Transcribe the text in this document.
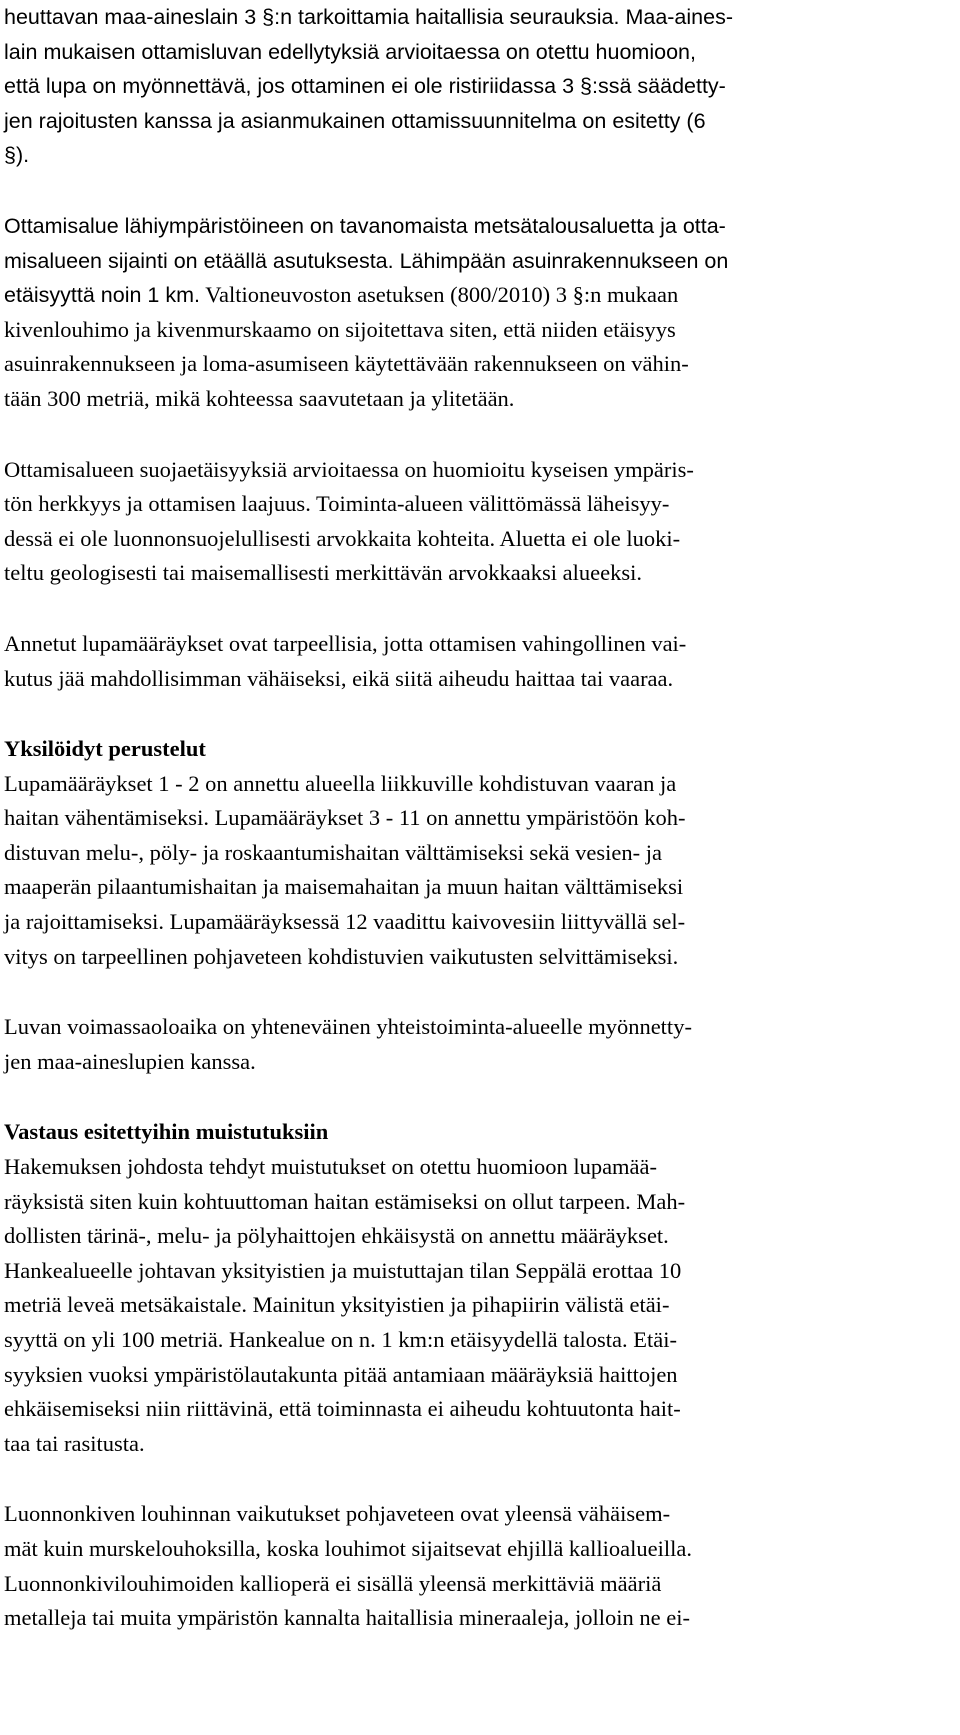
heuttavan maa-aineslain 3 §:n tarkoittamia haitallisia seurauksia. Maa-aines-
lain mukaisen ottamisluvan edellytyksiä arvioitaessa on otettu huomioon,
että lupa on myönnettävä, jos ottaminen ei ole ristiriidassa 3 §:ssä säädetty-
jen rajoitusten kanssa ja asianmukainen ottamissuunnitelma on esitetty (6
§).
Ottamisalue lähiympäristöineen on tavanomaista metsätalousaluetta ja otta-
misalueen sijainti on etäällä asutuksesta. Lähimpään asuinrakennukseen on
etäisyyttä noin 1 km. Valtioneuvoston asetuksen (800/2010) 3 §:n mukaan
kivenlouhimo ja kivenmurskaamo on sijoitettava siten, että niiden etäisyys
asuinrakennukseen ja loma-asumiseen käytettävään rakennukseen on vähin-
tään 300 metriä, mikä kohteessa saavutetaan ja ylitetään.
Ottamisalueen suojaetäisyyksiä arvioitaessa on huomioitu kyseisen ympäris-
tön herkkyys ja ottamisen laajuus. Toiminta-alueen välittömässä läheisyy-
dessä ei ole luonnonsuojelullisesti arvokkaita kohteita. Aluetta ei ole luoki-
teltu geologisesti tai maisemallisesti merkittävän arvokkaaksi alueeksi.
Annetut lupamääräykset ovat tarpeellisia, jotta ottamisen vahingollinen vai-
kutus jää mahdollisimman vähäiseksi, eikä siitä aiheudu haittaa tai vaaraa.
Yksilöidyt perustelut
Lupamääräykset 1 - 2 on annettu alueella liikkuville kohdistuvan vaaran ja
haitan vähentämiseksi. Lupamääräykset 3 - 11 on annettu ympäristöön koh-
distuvan melu-, pöly- ja roskaantumishaitan välttämiseksi sekä vesien- ja
maaperän pilaantumishaitan ja maisemahaitan ja muun haitan välttämiseksi
ja rajoittamiseksi. Lupamääräyksessä 12 vaadittu kaivovesiin liittyvällä sel-
vitys on tarpeellinen pohjaveteen kohdistuvien vaikutusten selvittämiseksi.
Luvan voimassaoloaika on yhteneväinen yhteistoiminta-alueelle myönnetty-
jen maa-aineslupien kanssa.
Vastaus esitettyihin muistutuksiin
Hakemuksen johdosta tehdyt muistutukset on otettu huomioon lupamää-
räyksistä siten kuin kohtuuttoman haitan estämiseksi on ollut tarpeen. Mah-
dollisten tärinä-, melu- ja pölyhaittojen ehkäisystä on annettu määräykset.
Hankealueelle johtavan yksityistien ja muistuttajan tilan Seppälä erottaa 10
metriä leveä metsäkaistale. Mainitun yksityistien ja pihapiirin välistä etäi-
syyttä on yli 100 metriä. Hankealue on n. 1 km:n etäisyydellä talosta. Etäi-
syyksien vuoksi ympäristölautakunta pitää antamiaan määräyksiä haittojen
ehkäisemiseksi niin riittävinä, että toiminnasta ei aiheudu kohtuutonta hait-
taa tai rasitusta.
Luonnonkiven louhinnan vaikutukset pohjaveteen ovat yleensä vähäisem-
mät kuin murskelouhoksilla, koska louhimot sijaitsevat ehjillä kallioalueilla.
Luonnonkivilouhimoiden kallioperä ei sisällä yleensä merkittäviä määriä
metalleja tai muita ympäristön kannalta haitallisia mineraaleja, jolloin ne ei-
